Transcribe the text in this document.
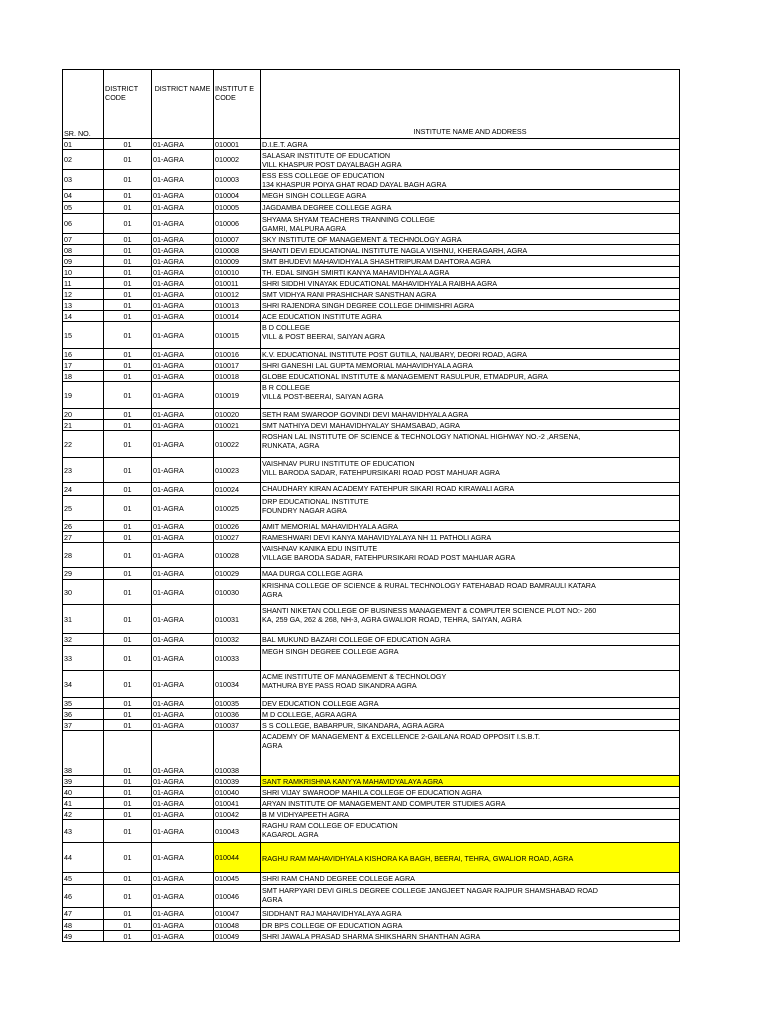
SR. NO.	DISTRICT CODE	DISTRICT NAME	INSTITUT E CODE	INSTITUTE NAME AND ADDRESS
01	01	01-AGRA	010001	D.I.E.T. AGRA

02	01	01-AGRA	010002	SALASAR INSTITUTE OF EDUCATION
VILL KHASPUR POST DAYALBAGH AGRA

03	01	01-AGRA	010003	ESS ESS COLLEGE OF EDUCATION
134 KHASPUR POIYA GHAT ROAD DAYAL BAGH AGRA

04	01	01-AGRA	010004	MEGH SINGH COLLEGE AGRA

05	01	01-AGRA	010005	JAGDAMBA DEGREE COLLEGE AGRA

06	01	01-AGRA	010006	SHYAMA SHYAM TEACHERS TRANNING COLLEGE
GAMRI, MALPURA AGRA

07	01	01-AGRA	010007	SKY INSTITUTE OF MANAGEMENT & TECHNOLOGY AGRA

08	01	01-AGRA	010008	SHANTI DEVI EDUCATIONAL INSTITUTE NAGLA VISHNU, KHERAGARH, AGRA

09	01	01-AGRA	010009	SMT BHUDEVI MAHAVIDHYALA SHASHTRIPURAM DAHTORA AGRA

10	01	01-AGRA	010010	TH. EDAL SINGH SMIRTI KANYA MAHAVIDHYALA AGRA

11	01	01-AGRA	010011	SHRI SIDDHI VINAYAK EDUCATIONAL MAHAVIDHYALA RAIBHA AGRA

12	01	01-AGRA	010012	SMT VIDHYA RANI PRASHICHAR SANSTHAN AGRA

13	01	01-AGRA	010013	SHRI RAJENDRA SINGH DEGREE COLLEGE DHIMISHRI AGRA

14	01	01-AGRA	010014	ACE EDUCATION INSTITUTE AGRA

15	01	01-AGRA	010015	B D COLLEGE
VILL & POST BEERAI, SAIYAN AGRA

16	01	01-AGRA	010016	K.V. EDUCATIONAL INSTITUTE POST GUTILA, NAUBARY, DEORI ROAD, AGRA

17	01	01-AGRA	010017	SHRI GANESHI LAL GUPTA MEMORIAL MAHAVIDHYALA AGRA

18	01	01-AGRA	010018	GLOBE EDUCATIONAL INSTITUTE & MANAGEMENT RASULPUR, ETMADPUR, AGRA

19	01	01-AGRA	010019	B R COLLEGE
VILL& POST-BEERAI, SAIYAN AGRA

20	01	01-AGRA	010020	SETH RAM SWAROOP GOVINDI DEVI MAHAVIDHYALA AGRA

21	01	01-AGRA	010021	SMT NATHIYA DEVI MAHAVIDHYALAY SHAMSABAD, AGRA

22	01	01-AGRA	010022	ROSHAN LAL INSTITUTE OF SCIENCE & TECHNOLOGY NATIONAL HIGHWAY NO.-2 ,ARSENA,
RUNKATA, AGRA

23	01	01-AGRA	010023	VAISHNAV PURU INSTITUTE OF EDUCATION
VILL BARODA SADAR, FATEHPURSIKARI ROAD POST MAHUAR AGRA

24	01	01-AGRA	010024	CHAUDHARY KIRAN ACADEMY FATEHPUR SIKARI ROAD KIRAWALI AGRA

25	01	01-AGRA	010025	DRP EDUCATIONAL INSTITUTE
FOUNDRY NAGAR AGRA

26	01	01-AGRA	010026	AMIT MEMORIAL MAHAVIDHYALA AGRA

27	01	01-AGRA	010027	RAMESHWARI DEVI KANYA MAHAVIDYALAYA NH 11 PATHOLI AGRA

28	01	01-AGRA	010028	VAISHNAV KANIKA EDU INSITUTE
VILLAGE BARODA SADAR, FATEHPURSIKARI ROAD POST MAHUAR AGRA

29	01	01-AGRA	010029	MAA DURGA COLLEGE AGRA

30	01	01-AGRA	010030	KRISHNA COLLEGE OF SCIENCE & RURAL TECHNOLOGY FATEHABAD ROAD BAMRAULI KATARA
AGRA

31	01	01-AGRA	010031	SHANTI NIKETAN COLLEGE OF BUSINESS MANAGEMENT & COMPUTER SCIENCE PLOT NO:- 260
KA, 259 GA, 262 & 268, NH-3, AGRA GWALIOR ROAD, TEHRA, SAIYAN, AGRA

32	01	01-AGRA	010032	BAL MUKUND BAZARI COLLEGE OF EDUCATION AGRA

33	01	01-AGRA	010033	MEGH SINGH DEGREE COLLEGE AGRA

34	01	01-AGRA	010034	ACME INSTITUTE OF MANAGEMENT & TECHNOLOGY
MATHURA BYE PASS ROAD SIKANDRA AGRA

35	01	01-AGRA	010035	DEV EDUCATION COLLEGE AGRA

36	01	01-AGRA	010036	M D COLLEGE, AGRA AGRA

37	01	01-AGRA	010037	S S COLLEGE, BABARPUR, SIKANDARA, AGRA AGRA

38	01	01-AGRA	010038	ACADEMY OF MANAGEMENT & EXCELLENCE 2-GAILANA ROAD OPPOSIT I.S.B.T.
AGRA

39	01	01-AGRA	010039	SANT RAMKRISHNA KANYYA MAHAVIDYALAYA AGRA

40	01	01-AGRA	010040	SHRI VIJAY SWAROOP MAHILA COLLEGE OF EDUCATION AGRA

41	01	01-AGRA	010041	ARYAN INSTITUTE OF MANAGEMENT AND COMPUTER STUDIES AGRA

42	01	01-AGRA	010042	B M VIDHYAPEETH AGRA

43	01	01-AGRA	010043	RAGHU RAM COLLEGE OF EDUCATION
KAGAROL AGRA

44	01	01-AGRA	010044	RAGHU RAM MAHAVIDHYALA KISHORA KA BAGH, BEERAI, TEHRA, GWALIOR ROAD, AGRA

45	01	01-AGRA	010045	SHRI RAM CHAND DEGREE COLLEGE AGRA

46	01	01-AGRA	010046	SMT HARPYARI DEVI GIRLS DEGREE COLLEGE JANGJEET NAGAR RAJPUR SHAMSHABAD ROAD
AGRA

47	01	01-AGRA	010047	SIDDHANT RAJ MAHAVIDHYALAYA AGRA

48	01	01-AGRA	010048	DR BPS COLLEGE OF EDUCATION AGRA

49	01	01-AGRA	010049	SHRI JAWALA PRASAD SHARMA SHIKSHARN SHANTHAN AGRA
